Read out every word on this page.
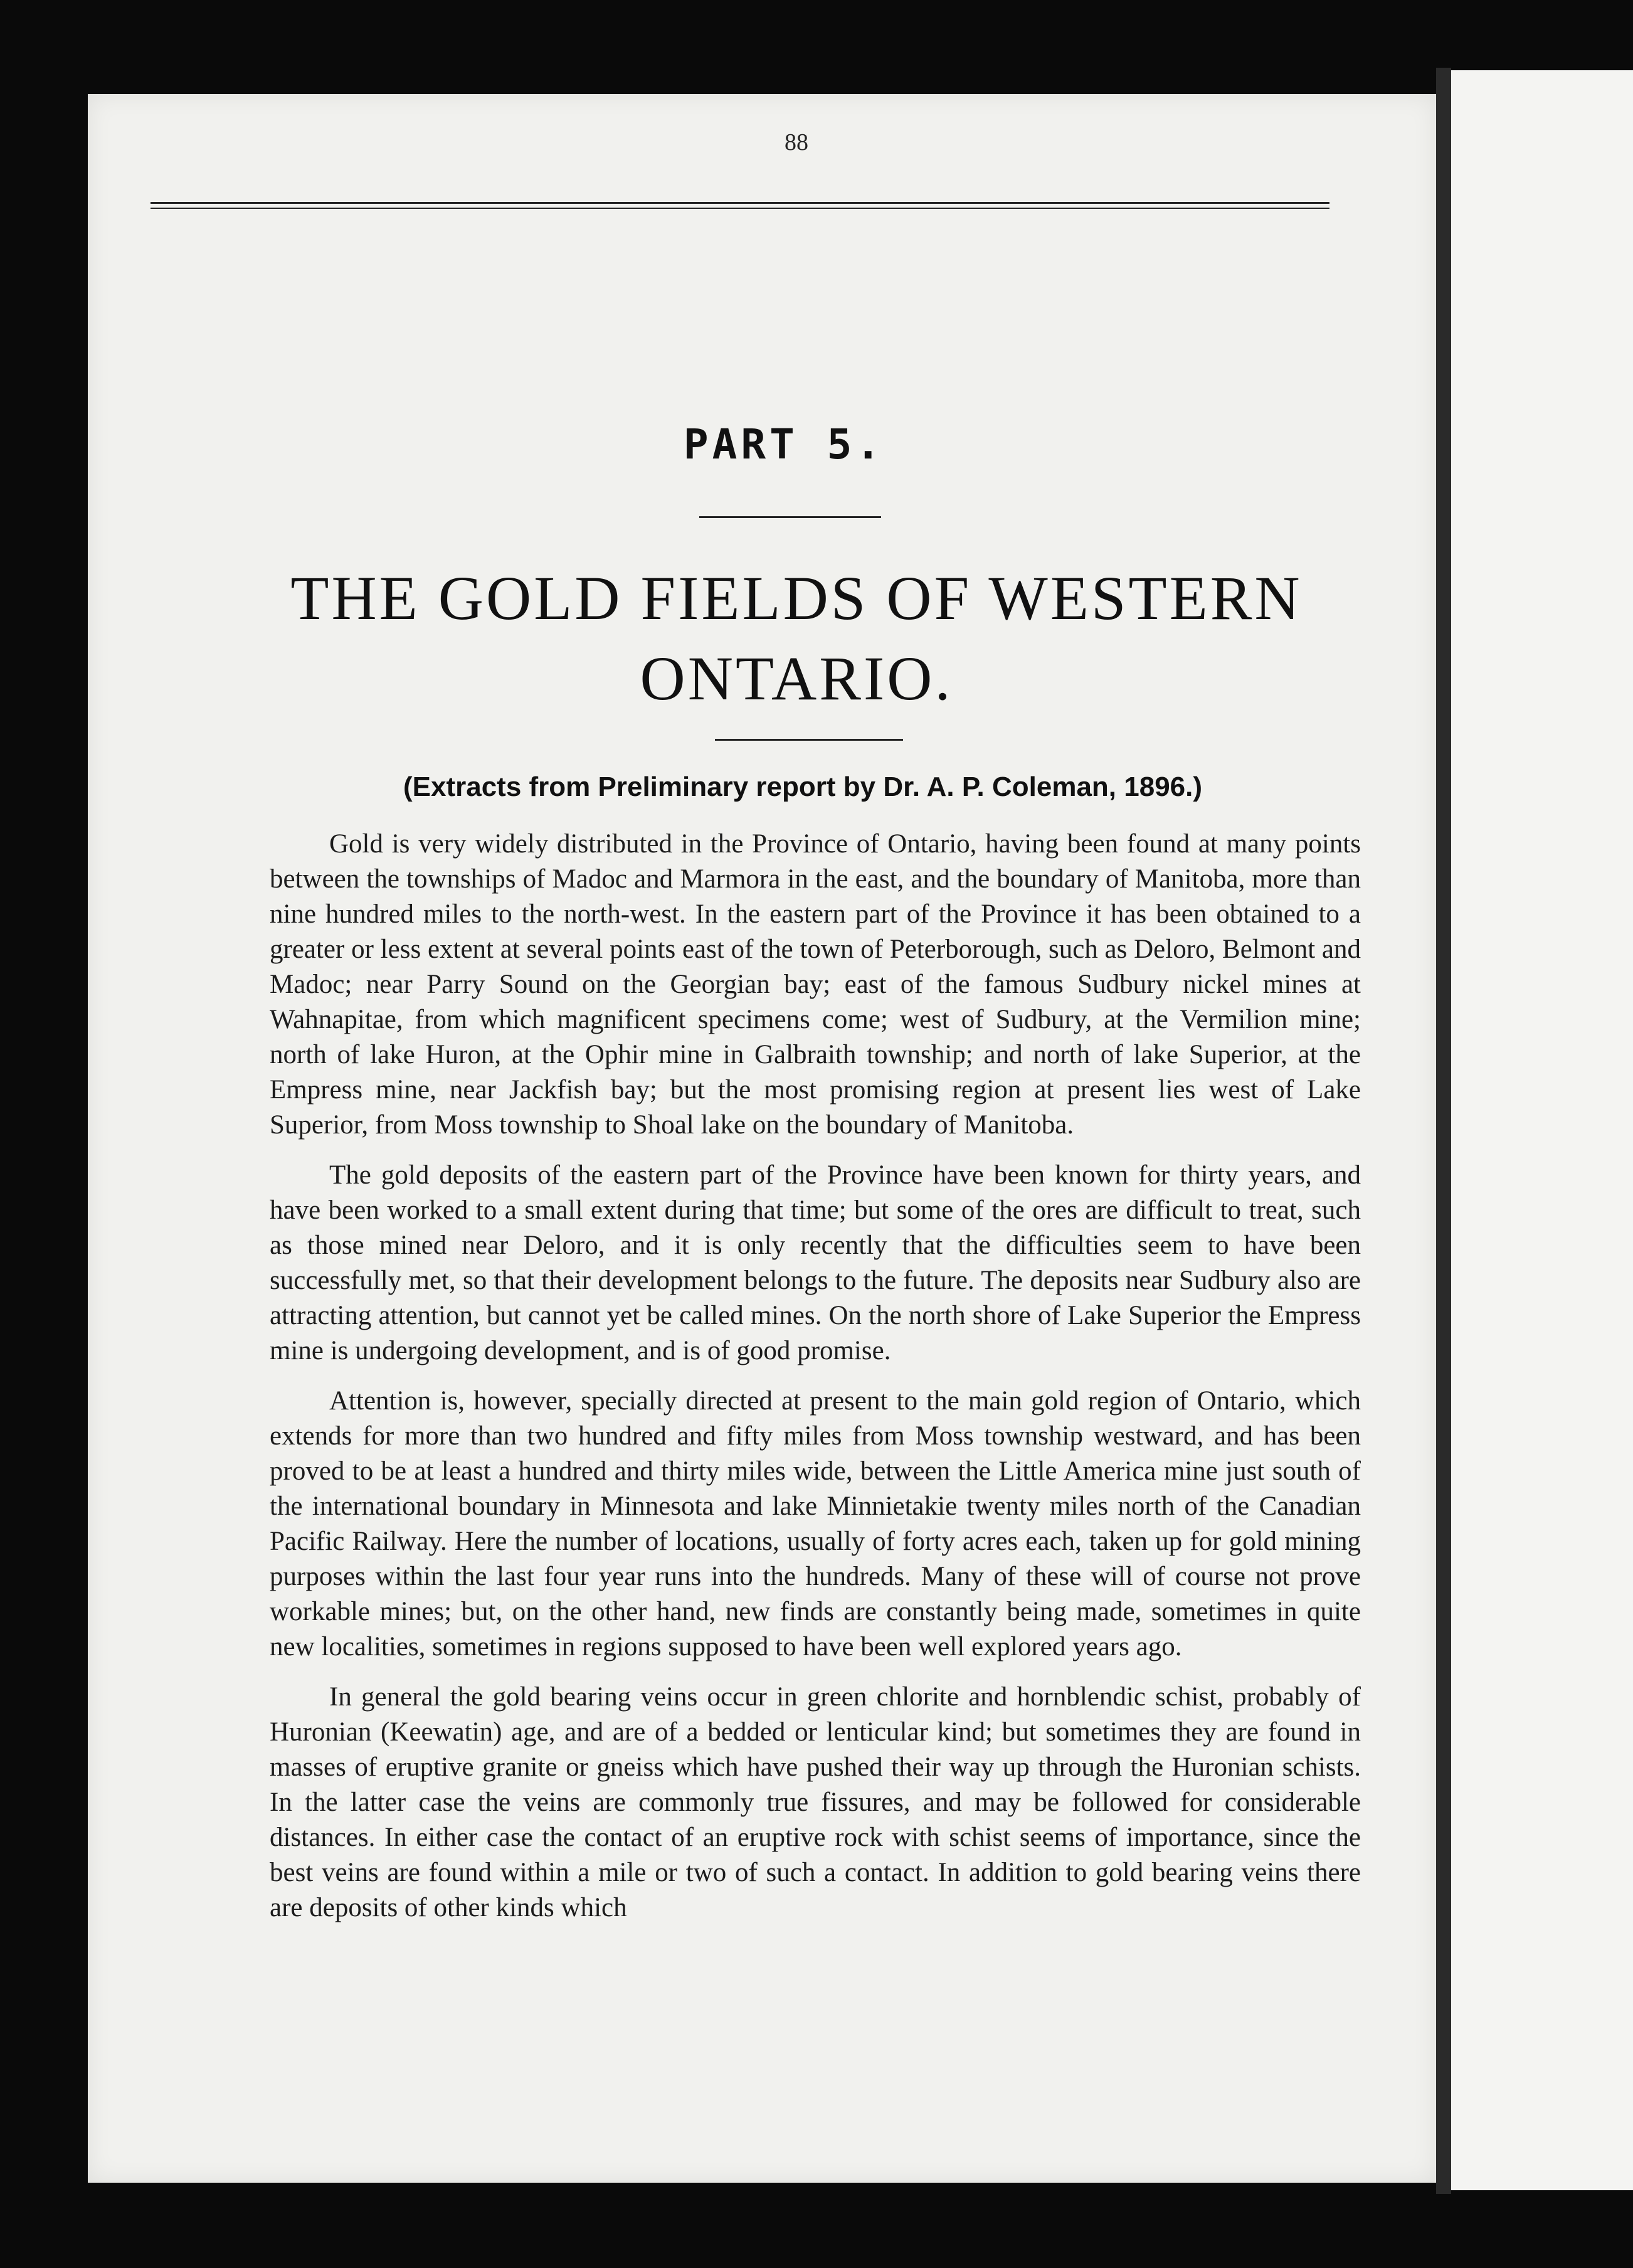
88
PART 5.
THE GOLD FIELDS OF WESTERN ONTARIO.
(Extracts from Preliminary report by Dr. A. P. Coleman, 1896.)

Gold is very widely distributed in the Province of Ontario, having been found at many points between the townships of Madoc and Marmora in the east, and the boundary of Manitoba, more than nine hundred miles to the north-west. In the eastern part of the Province it has been obtained to a greater or less extent at several points east of the town of Peterborough, such as Deloro, Belmont and Madoc; near Parry Sound on the Georgian bay; east of the famous Sudbury nickel mines at Wahnapitae, from which magnificent specimens come; west of Sudbury, at the Vermilion mine; north of lake Huron, at the Ophir mine in Galbraith township; and north of lake Superior, at the Empress mine, near Jackfish bay; but the most promising region at present lies west of Lake Superior, from Moss township to Shoal lake on the boundary of Manitoba.

The gold deposits of the eastern part of the Province have been known for thirty years, and have been worked to a small extent during that time; but some of the ores are difficult to treat, such as those mined near Deloro, and it is only recently that the difficulties seem to have been successfully met, so that their development belongs to the future. The deposits near Sudbury also are attracting attention, but cannot yet be called mines. On the north shore of Lake Superior the Empress mine is undergoing development, and is of good promise.

Attention is, however, specially directed at present to the main gold region of Ontario, which extends for more than two hundred and fifty miles from Moss township westward, and has been proved to be at least a hundred and thirty miles wide, between the Little America mine just south of the international boundary in Minnesota and lake Minnietakie twenty miles north of the Canadian Pacific Railway. Here the number of locations, usually of forty acres each, taken up for gold mining purposes within the last four year runs into the hundreds. Many of these will of course not prove workable mines; but, on the other hand, new finds are constantly being made, sometimes in quite new localities, sometimes in regions supposed to have been well explored years ago.

In general the gold bearing veins occur in green chlorite and hornblendic schist, probably of Huronian (Keewatin) age, and are of a bedded or lenticular kind; but sometimes they are found in masses of eruptive granite or gneiss which have pushed their way up through the Huronian schists. In the latter case the veins are commonly true fissures, and may be followed for considerable distances. In either case the contact of an eruptive rock with schist seems of importance, since the best veins are found within a mile or two of such a contact. In addition to gold bearing veins there are deposits of other kinds which
